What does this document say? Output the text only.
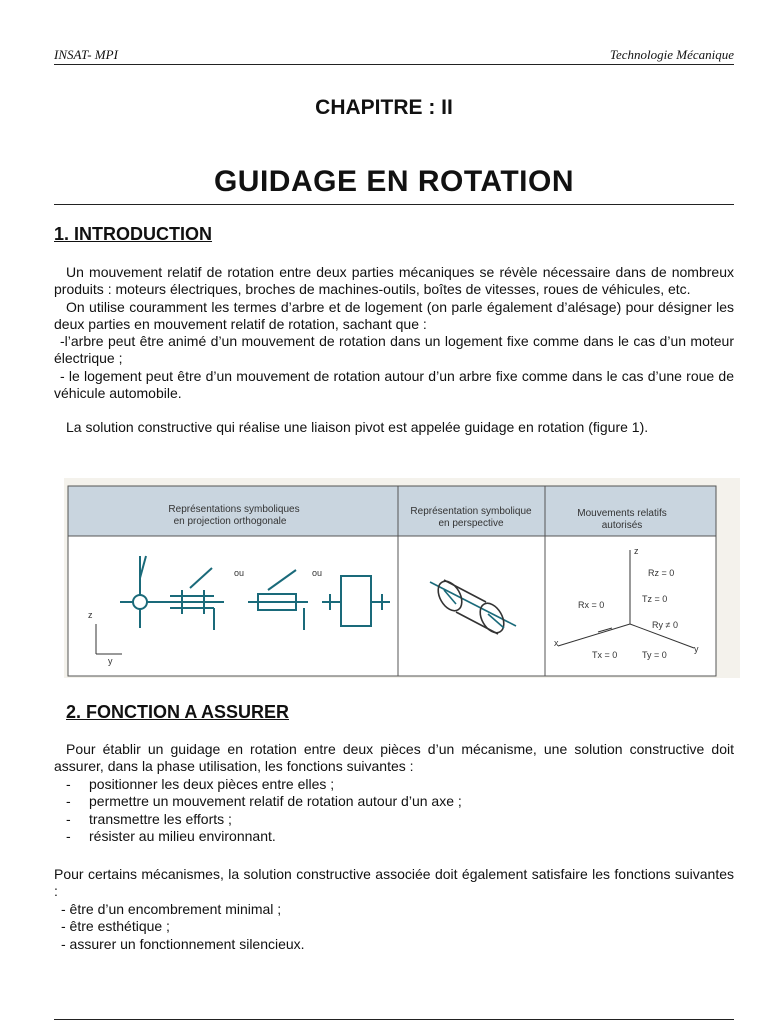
INSAT- MPI	Technologie Mécanique
CHAPITRE : II
GUIDAGE EN ROTATION
1. INTRODUCTION

Un mouvement relatif de rotation entre deux parties mécaniques se révèle nécessaire dans de nombreux produits : moteurs électriques, broches de machines-outils, boîtes de vitesses, roues de véhicules, etc.

On utilise couramment les termes d’arbre et de logement (on parle également d’alésage) pour désigner les deux parties en mouvement relatif de rotation, sachant que :

-l’arbre peut être animé d’un mouvement de rotation dans un logement fixe comme dans le cas d’un moteur électrique ;

- le logement peut être d’un mouvement de rotation autour d’un arbre fixe comme dans le cas d’une roue de véhicule automobile.

La solution constructive qui réalise une liaison pivot est appelée guidage en rotation (figure 1).

Représentations symboliques
en projection orthogonale
Représentation symbolique
en perspective
Mouvements relatifs
autorisés
ou	ou
z
y
z
x
y
Rz = 0
Tz = 0
Rx = 0
Ry ≠ 0
Tx = 0	Ty = 0
2. FONCTION A ASSURER

Pour établir un guidage en rotation entre deux pièces d’un mécanisme, une solution constructive doit assurer, dans la phase utilisation, les fonctions suivantes :

-	positionner les deux pièces entre elles ;
-	permettre un mouvement relatif de rotation autour d’un axe ;
-	transmettre les efforts ;
-	résister au milieu environnant.

Pour certains mécanismes, la solution constructive associée doit également satisfaire les fonctions suivantes :

- être d’un encombrement minimal ;
- être esthétique ;
- assurer un fonctionnement silencieux.
